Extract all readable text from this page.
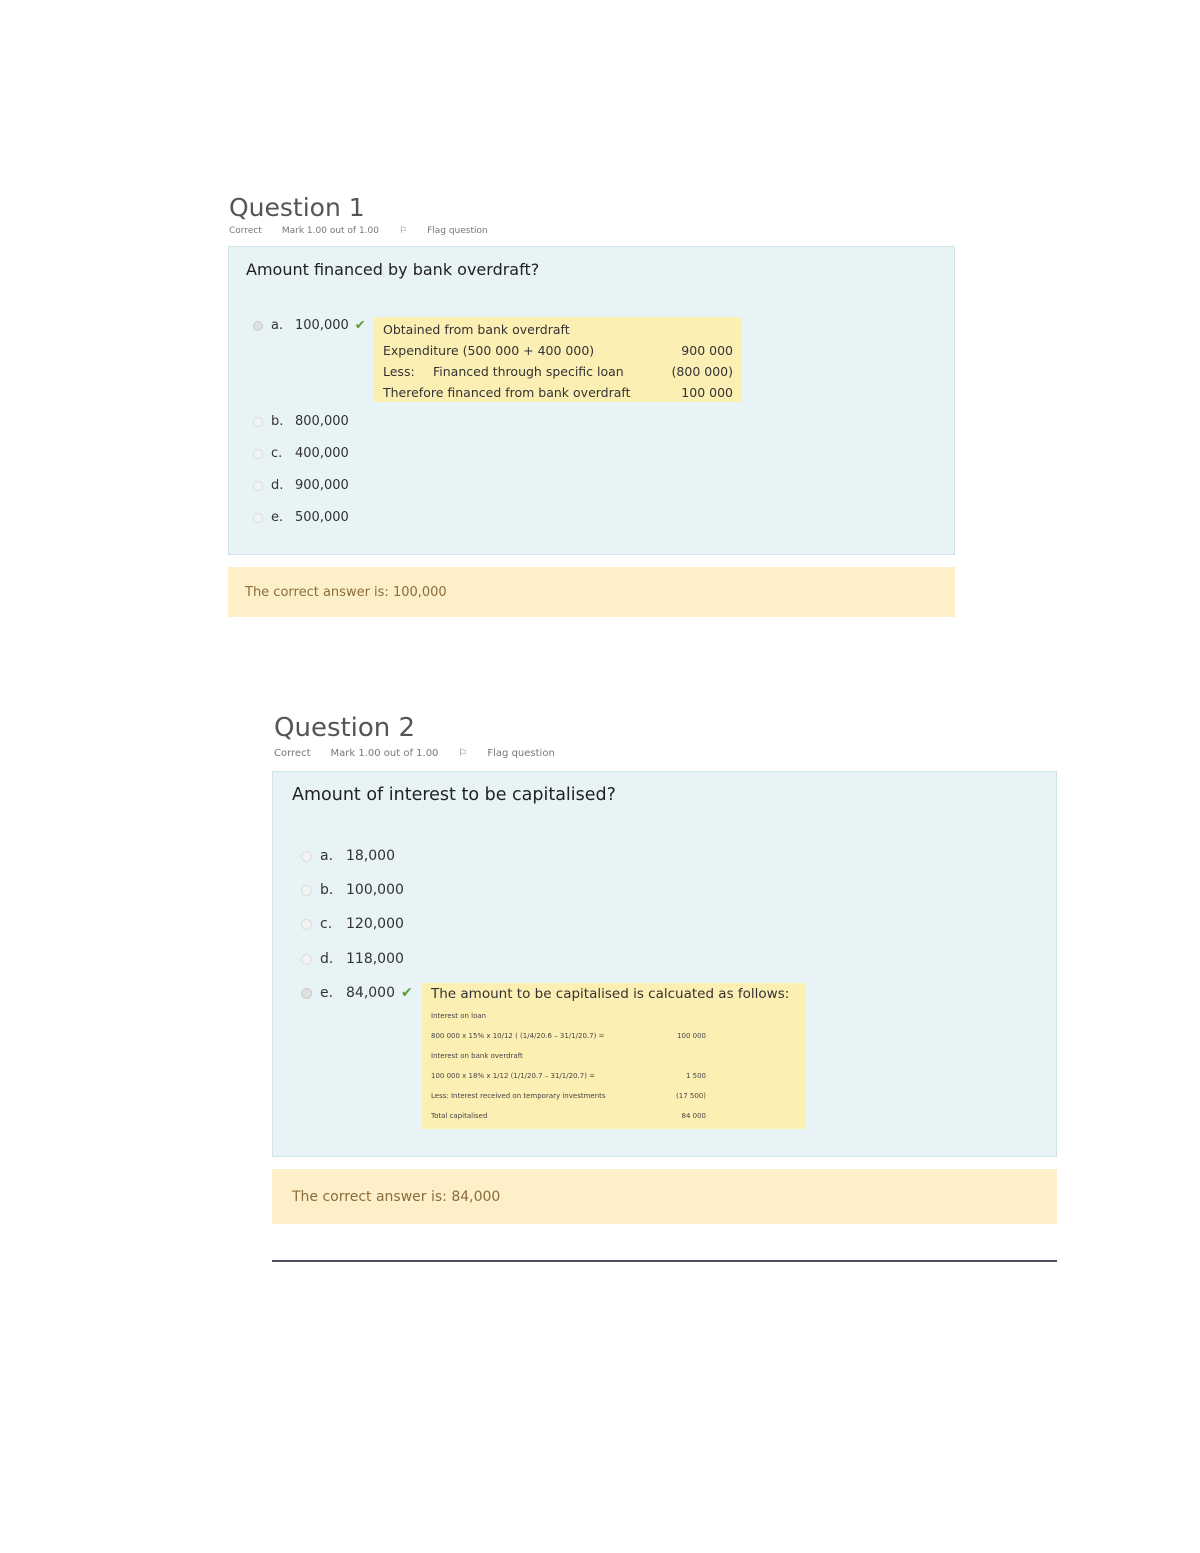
Question 1
Correct Mark 1.00 out of 1.00 ⚐ Flag question
Amount financed by bank overdraft?
a. 100,000 ✔ Obtained from bank overdraft		
Expenditure (500 000 + 400 000)		900 000
Less:	Financed through specific loan	(800 000)
Therefore financed from bank overdraft		100 000
b. 800,000
c. 400,000
d. 900,000
e. 500,000
The correct answer is: 100,000
Question 2
Correct Mark 1.00 out of 1.00 ⚐ Flag question
Amount of interest to be capitalised?
a. 18,000
b. 100,000
c. 120,000
d. 118,000
e. 84,000 ✔ The amount to be capitalised is calcuated as follows:
Interest on loan	
800 000 x 15% x 10/12 ( (1/4/20.6 – 31/1/20.7) =	100 000
Interest on bank overdraft	
100 000 x 18% x 1/12 (1/1/20.7 – 31/1/20.7) =	1 500
Less: Interest received on temporary investments	(17 500)
Total capitalised	84 000
The correct answer is: 84,000
